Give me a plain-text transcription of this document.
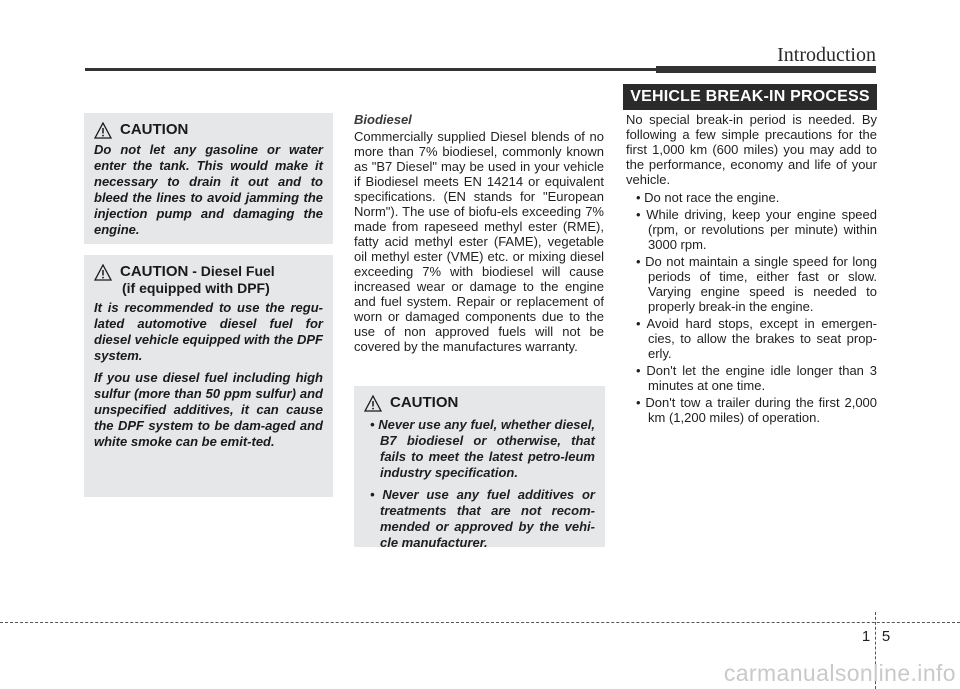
Introduction
VEHICLE BREAK-IN PROCESS
CAUTION

Do not let any gasoline or water enter the tank. This would make it necessary to drain it out and to bleed the lines to avoid jamming the injection pump and damaging the engine.

CAUTION - Diesel Fuel
(if equipped with DPF)

It is recommended to use the regu-lated automotive diesel fuel for diesel vehicle equipped with the DPF system.

If you use diesel fuel including high sulfur (more than 50 ppm sulfur) and unspecified additives, it can cause the DPF system to be dam-aged and white smoke can be emit-ted.

Biodiesel

Commercially supplied Diesel blends of no more than 7% biodiesel, commonly known as "B7 Diesel" may be used in your vehicle if Biodiesel meets EN 14214 or equivalent specifications. (EN stands for "European Norm"). The use of biofu-els exceeding 7% made from rapeseed methyl ester (RME), fatty acid methyl ester (FAME), vegetable oil methyl ester (VME) etc. or mixing diesel exceeding 7% with biodiesel will cause increased wear or damage to the engine and fuel system. Repair or replacement of worn or damaged components due to the use of non approved fuels will not be covered by the manufactures warranty.

CAUTION
• Never use any fuel, whether diesel, B7 biodiesel or otherwise, that fails to meet the latest petro-leum industry specification.
• Never use any fuel additives or treatments that are not recom-mended or approved by the vehi-cle manufacturer.

No special break-in period is needed. By following a few simple precautions for the first 1,000 km (600 miles) you may add to the performance, economy and life of your vehicle.

• Do not race the engine.
• While driving, keep your engine speed (rpm, or revolutions per minute) within 3000 rpm.
• Do not maintain a single speed for long periods of time, either fast or slow. Varying engine speed is needed to properly break-in the engine.
• Avoid hard stops, except in emergen-cies, to allow the brakes to seat prop-erly.
• Don't let the engine idle longer than 3 minutes at one time.
• Don't tow a trailer during the first 2,000 km (1,200 miles) of operation.
1 5
carmanualsonline.info
